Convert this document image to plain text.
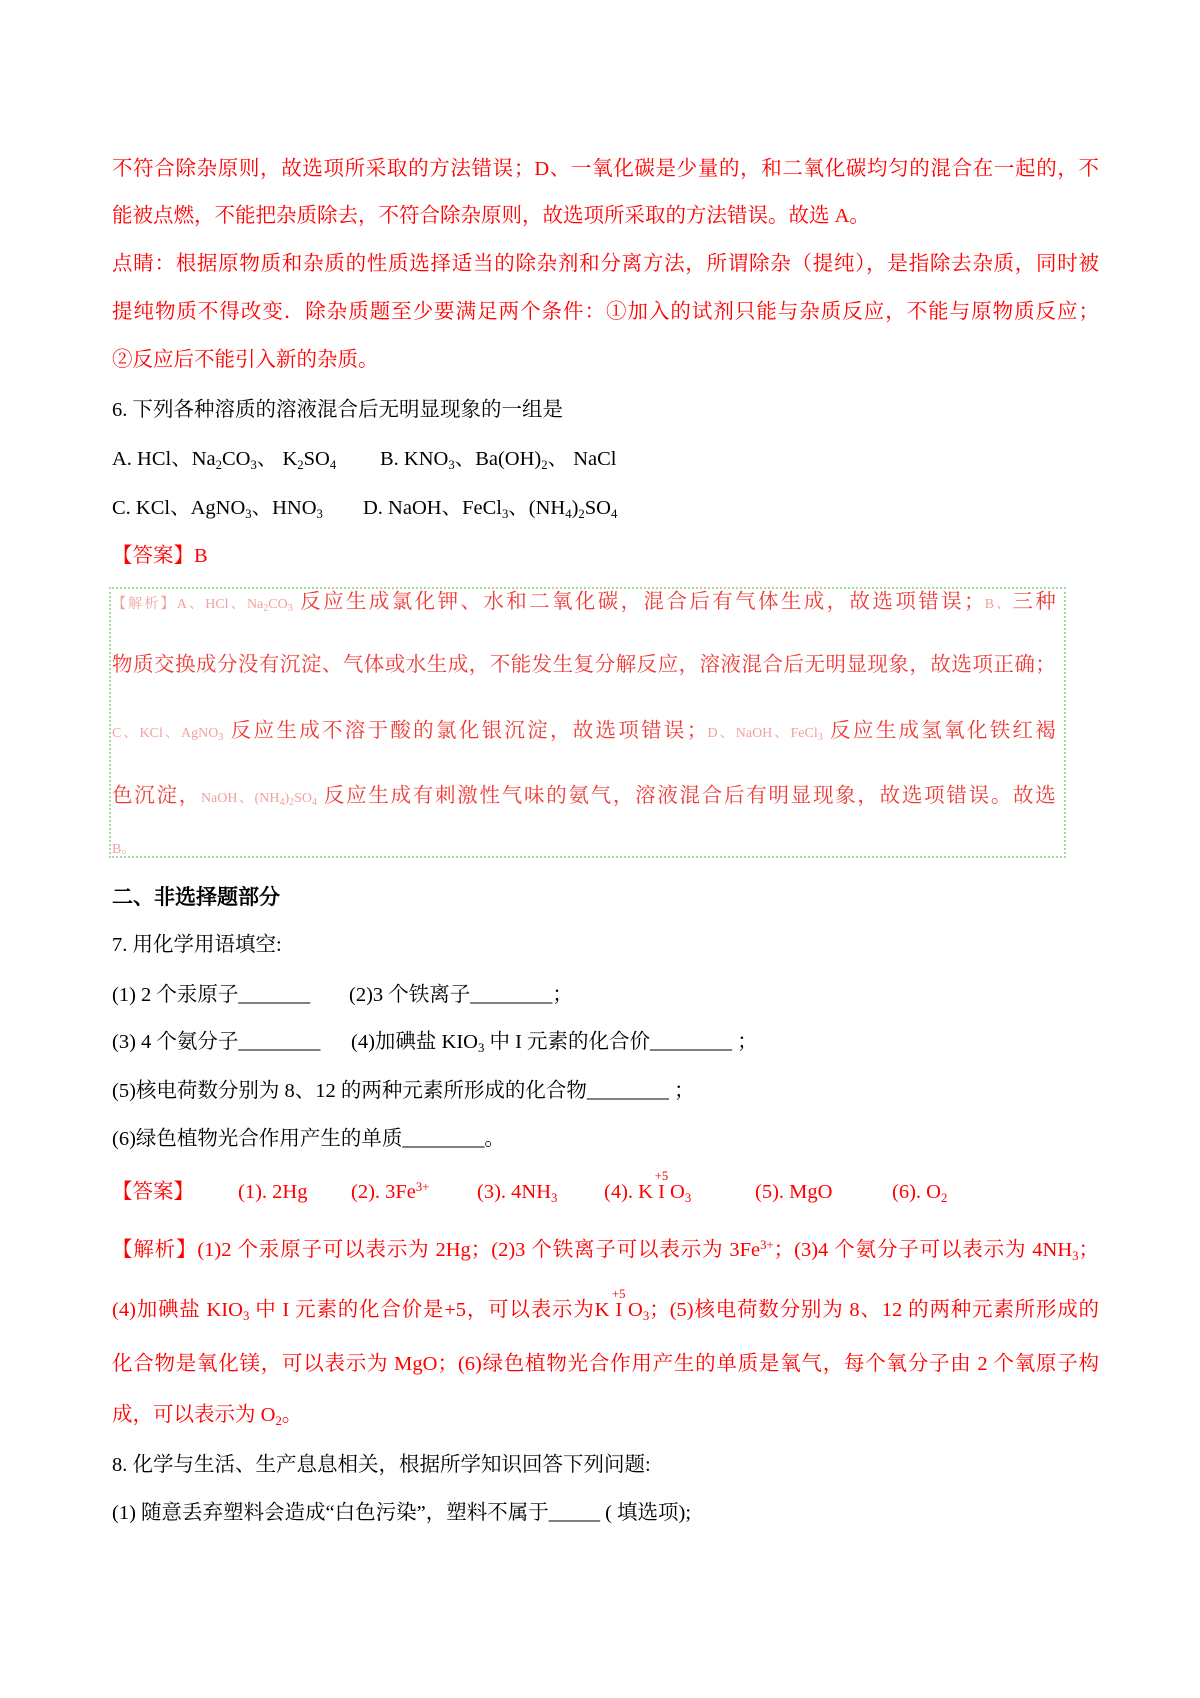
不符合除杂原则，故选项所采取的方法错误；D、一氧化碳是少量的，和二氧化碳均匀的混合在一起的，不
能被点燃，不能把杂质除去，不符合除杂原则，故选项所采取的方法错误。故选 A。
点睛：根据原物质和杂质的性质选择适当的除杂剂和分离方法，所谓除杂（提纯），是指除去杂质，同时被
提纯物质不得改变．除杂质题至少要满足两个条件：①加入的试剂只能与杂质反应，不能与原物质反应；
②反应后不能引入新的杂质。
6. 下列各种溶质的溶液混合后无明显现象的一组是
A. HCl、$Na_2CO_3$、 $K_2SO_4$ B. $KNO_3$、$Ba(OH)_2$、 NaCl
C. KCl、AgNO$_3$、$HNO_3$ D. NaOH、FeCl$_3$、$(NH_4)_2SO_4$
【答案】B
【解析】A、HCl、$Na_2CO_3$ 反应生成氯化钾、水和二氧化碳，混合后有气体生成，故选项错误；B、三种
物质交换成分没有沉淀、气体或水生成，不能发生复分解反应，溶液混合后无明显现象，故选项正确；
C、KCl、AgNO$_3$ 反应生成不溶于酸的氯化银沉淀，故选项错误；D、NaOH、FeCl$_3$ 反应生成氢氧化铁红褐
色沉淀，NaOH、$(NH_4)_2SO_4$ 反应生成有刺激性气味的氨气，溶液混合后有明显现象，故选项错误。故选
B。
二、非选择题部分
7. 用化学用语填空:
(1) 2 个汞原子_______ (2)3 个铁离子________；
(3) 4 个氨分子________ (4)加碘盐 $KIO_3$ 中 I 元素的化合价________ ；
(5)核电荷数分别为 8、12 的两种元素所形成的化合物________ ；
(6)绿色植物光合作用产生的单质________。
【答案】 (1). 2Hg (2). $3Fe^{3+}$ (3). $4NH_3$ (4). K
+5
I $O_3$	(5). MgO	(6). $O_2$
【解析】(1)2 个汞原子可以表示为 2Hg；(2)3 个铁离子可以表示为 $3Fe^{3+}$；(3)4 个氨分子可以表示为 $4NH_3$；
(4)加碘盐 $KIO_3$ 中 I 元素的化合价是+5，可以表示为K
+5
I $O_3$；(5)核电荷数分别为 8、12 的两种元素所形成的
化合物是氧化镁，可以表示为 MgO；(6)绿色植物光合作用产生的单质是氧气，每个氧分子由 2 个氧原子构
成，可以表示为 $O_2$。
8. 化学与生活、生产息息相关，根据所学知识回答下列问题:
(1) 随意丢弃塑料会造成“白色污染”，塑料不属于_____ ( 填选项);
